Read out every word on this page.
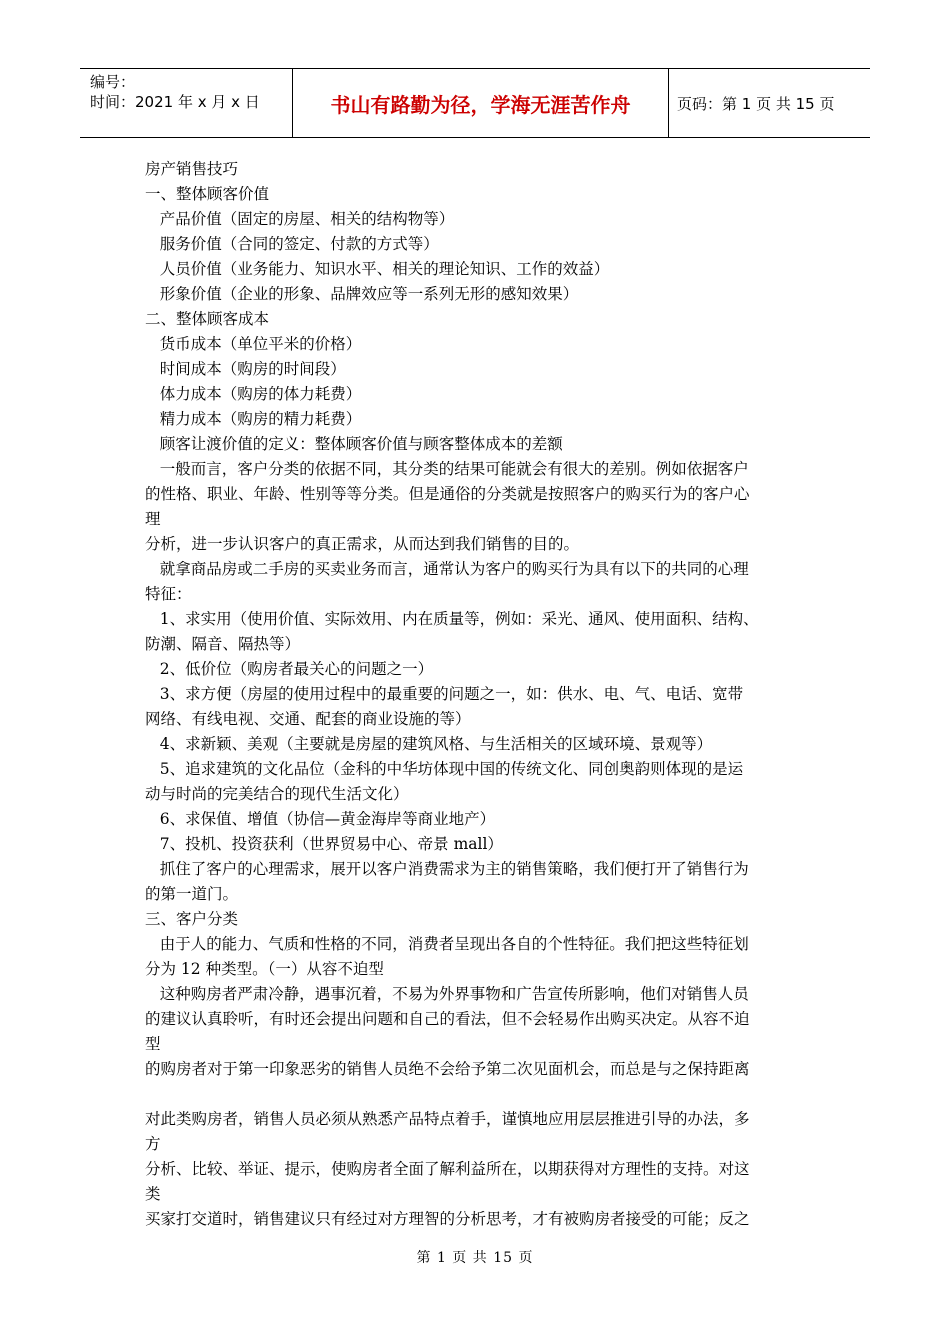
编号：
时间：2021 年 x 月 x 日	书山有路勤为径，学海无涯苦作舟	页码：第 1 页 共 15 页

房产销售技巧

一、整体顾客价值

产品价值（固定的房屋、相关的结构物等）

服务价值（合同的签定、付款的方式等）

人员价值（业务能力、知识水平、相关的理论知识、工作的效益）

形象价值（企业的形象、品牌效应等一系列无形的感知效果）

二、整体顾客成本

货币成本（单位平米的价格）

时间成本（购房的时间段）

体力成本（购房的体力耗费）

精力成本（购房的精力耗费）

顾客让渡价值的定义：整体顾客价值与顾客整体成本的差额

一般而言，客户分类的依据不同，其分类的结果可能就会有很大的差别。例如依据客户

的性格、职业、年龄、性别等等分类。但是通俗的分类就是按照客户的购买行为的客户心

理

分析，进一步认识客户的真正需求，从而达到我们销售的目的。

就拿商品房或二手房的买卖业务而言，通常认为客户的购买行为具有以下的共同的心理

特征：

1、求实用（使用价值、实际效用、内在质量等，例如：采光、通风、使用面积、结构、

防潮、隔音、隔热等）

2、低价位（购房者最关心的问题之一）

3、求方便（房屋的使用过程中的最重要的问题之一，如：供水、电、气、电话、宽带

网络、有线电视、交通、配套的商业设施的等）

4、求新颖、美观（主要就是房屋的建筑风格、与生活相关的区域环境、景观等）

5、追求建筑的文化品位（金科的中华坊体现中国的传统文化、同创奥韵则体现的是运

动与时尚的完美结合的现代生活文化）

6、求保值、增值（协信—黄金海岸等商业地产）

7、投机、投资获利（世界贸易中心、帝景 mall）

抓住了客户的心理需求，展开以客户消费需求为主的销售策略，我们便打开了销售行为

的第一道门。

三、客户分类

由于人的能力、气质和性格的不同，消费者呈现出各自的个性特征。我们把这些特征划

分为 12 种类型。（一）从容不迫型

这种购房者严肃冷静，遇事沉着，不易为外界事物和广告宣传所影响，他们对销售人员

的建议认真聆听，有时还会提出问题和自己的看法，但不会轻易作出购买决定。从容不迫

型

的购房者对于第一印象恶劣的销售人员绝不会给予第二次见面机会，而总是与之保持距离

对此类购房者，销售人员必须从熟悉产品特点着手，谨慎地应用层层推进引导的办法，多

方

分析、比较、举证、提示，使购房者全面了解利益所在，以期获得对方理性的支持。对这

类

买家打交道时，销售建议只有经过对方理智的分析思考，才有被购房者接受的可能；反之

第 1 页 共 15 页
